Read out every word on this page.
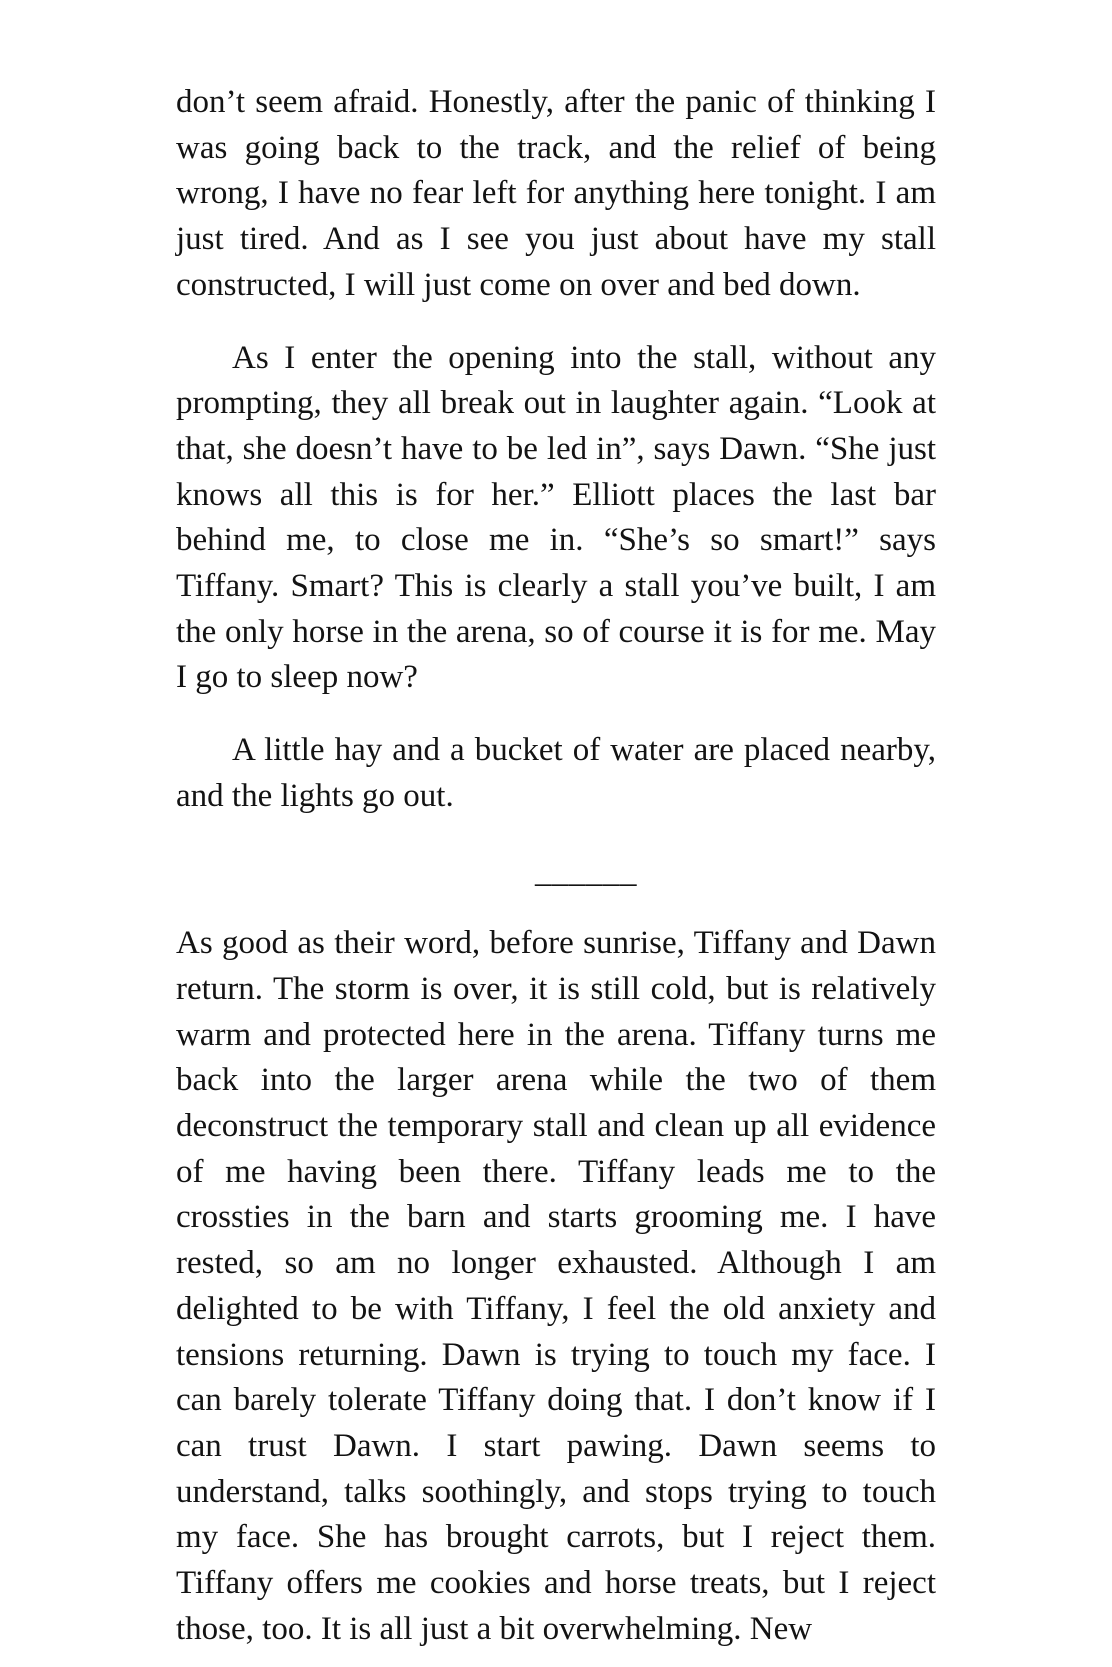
don’t seem afraid. Honestly, after the panic of thinking I was going back to the track, and the relief of being wrong, I have no fear left for anything here tonight. I am just tired. And as I see you just about have my stall constructed, I will just come on over and bed down.

As I enter the opening into the stall, without any prompting, they all break out in laughter again. “Look at that, she doesn’t have to be led in”, says Dawn. “She just knows all this is for her.” Elliott places the last bar behind me, to close me in. “She’s so smart!” says Tiffany. Smart? This is clearly a stall you’ve built, I am the only horse in the arena, so of course it is for me. May I go to sleep now?

A little hay and a bucket of water are placed nearby, and the lights go out.

______

As good as their word, before sunrise, Tiffany and Dawn return. The storm is over, it is still cold, but is relatively warm and protected here in the arena. Tiffany turns me back into the larger arena while the two of them deconstruct the temporary stall and clean up all evidence of me having been there. Tiffany leads me to the crossties in the barn and starts grooming me. I have rested, so am no longer exhausted. Although I am delighted to be with Tiffany, I feel the old anxiety and tensions returning. Dawn is trying to touch my face. I can barely tolerate Tiffany doing that. I don’t know if I can trust Dawn. I start pawing. Dawn seems to understand, talks soothingly, and stops trying to touch my face. She has brought carrots, but I reject them. Tiffany offers me cookies and horse treats, but I reject those, too. It is all just a bit overwhelming. New
